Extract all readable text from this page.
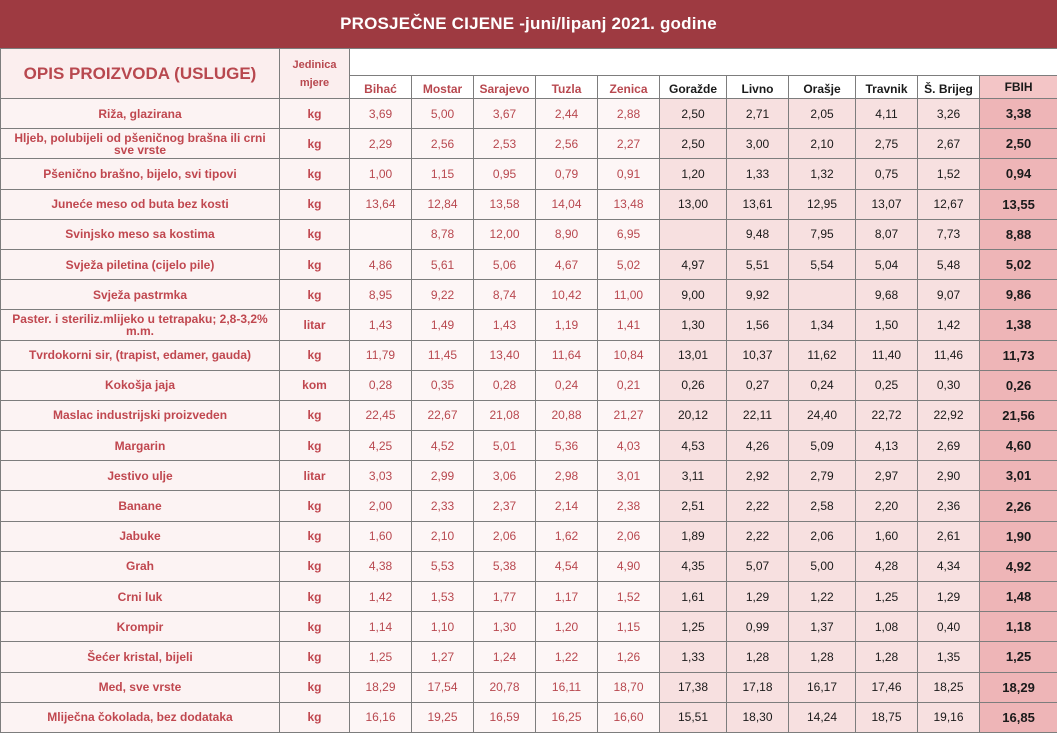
PROSJEČNE CIJENE -juni/lipanj 2021. godine
OPIS PROIZVODA (USLUGE)	Jedinica mjere											
		Bihać	Mostar	Sarajevo	Tuzla	Zenica	Goražde	Livno	Orašje	Travnik	Š. Brijeg	FBIH
Riža, glazirana	kg	3,69	5,00	3,67	2,44	2,88	2,50	2,71	2,05	4,11	3,26	3,38
Hljeb, polubijeli od pšeničnog brašna ili crni sve vrste	kg	2,29	2,56	2,53	2,56	2,27	2,50	3,00	2,10	2,75	2,67	2,50
Pšenično brašno, bijelo, svi tipovi	kg	1,00	1,15	0,95	0,79	0,91	1,20	1,33	1,32	0,75	1,52	0,94
Juneće meso od buta bez kosti	kg	13,64	12,84	13,58	14,04	13,48	13,00	13,61	12,95	13,07	12,67	13,55
Svinjsko meso sa kostima	kg		8,78	12,00	8,90	6,95		9,48	7,95	8,07	7,73	8,88
Svježa piletina (cijelo pile)	kg	4,86	5,61	5,06	4,67	5,02	4,97	5,51	5,54	5,04	5,48	5,02
Svježa pastrmka	kg	8,95	9,22	8,74	10,42	11,00	9,00	9,92		9,68	9,07	9,86
Paster. i steriliz.mlijeko u tetrapaku; 2,8-3,2% m.m.	litar	1,43	1,49	1,43	1,19	1,41	1,30	1,56	1,34	1,50	1,42	1,38
Tvrdokorni sir, (trapist, edamer, gauda)	kg	11,79	11,45	13,40	11,64	10,84	13,01	10,37	11,62	11,40	11,46	11,73
Kokošja jaja	kom	0,28	0,35	0,28	0,24	0,21	0,26	0,27	0,24	0,25	0,30	0,26
Maslac industrijski proizveden	kg	22,45	22,67	21,08	20,88	21,27	20,12	22,11	24,40	22,72	22,92	21,56
Margarin	kg	4,25	4,52	5,01	5,36	4,03	4,53	4,26	5,09	4,13	2,69	4,60
Jestivo ulje	litar	3,03	2,99	3,06	2,98	3,01	3,11	2,92	2,79	2,97	2,90	3,01
Banane	kg	2,00	2,33	2,37	2,14	2,38	2,51	2,22	2,58	2,20	2,36	2,26
Jabuke	kg	1,60	2,10	2,06	1,62	2,06	1,89	2,22	2,06	1,60	2,61	1,90
Grah	kg	4,38	5,53	5,38	4,54	4,90	4,35	5,07	5,00	4,28	4,34	4,92
Crni luk	kg	1,42	1,53	1,77	1,17	1,52	1,61	1,29	1,22	1,25	1,29	1,48
Krompir	kg	1,14	1,10	1,30	1,20	1,15	1,25	0,99	1,37	1,08	0,40	1,18
Šećer kristal, bijeli	kg	1,25	1,27	1,24	1,22	1,26	1,33	1,28	1,28	1,28	1,35	1,25
Med, sve vrste	kg	18,29	17,54	20,78	16,11	18,70	17,38	17,18	16,17	17,46	18,25	18,29
Mliječna čokolada, bez dodataka	kg	16,16	19,25	16,59	16,25	16,60	15,51	18,30	14,24	18,75	19,16	16,85
